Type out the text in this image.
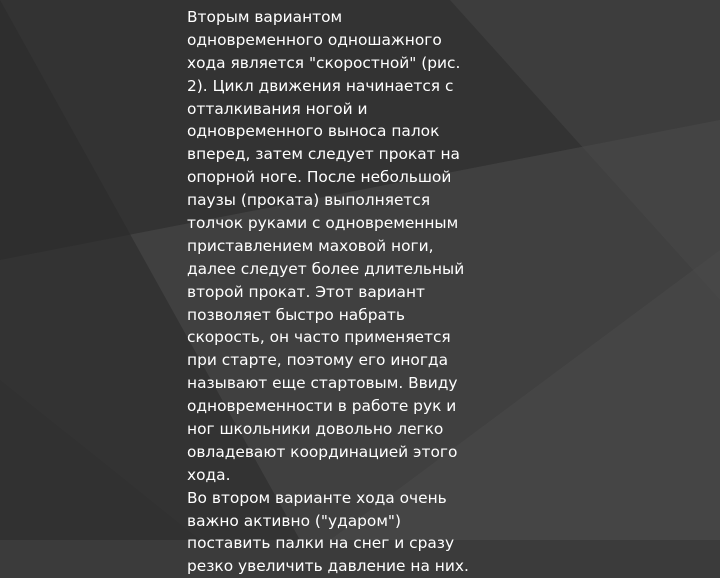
Вторым вариантом
одновременного одношажного
хода является "скоростной" (рис.
2). Цикл движения начинается с
отталкивания ногой и
одновременного выноса палок
вперед, затем следует прокат на
опорной ноге. После небольшой
паузы (проката) выполняется
толчок руками с одновременным
приставлением маховой ноги,
далее следует более длительный
второй прокат. Этот вариант
позволяет быстро набрать
скорость, он часто применяется
при старте, поэтому его иногда
называют еще стартовым. Ввиду
одновременности в работе рук и
ног школьники довольно легко
овладевают координацией этого
хода.
Во втором варианте хода очень
важно активно ("ударом")
поставить палки на снег и сразу
резко увеличить давление на них.
